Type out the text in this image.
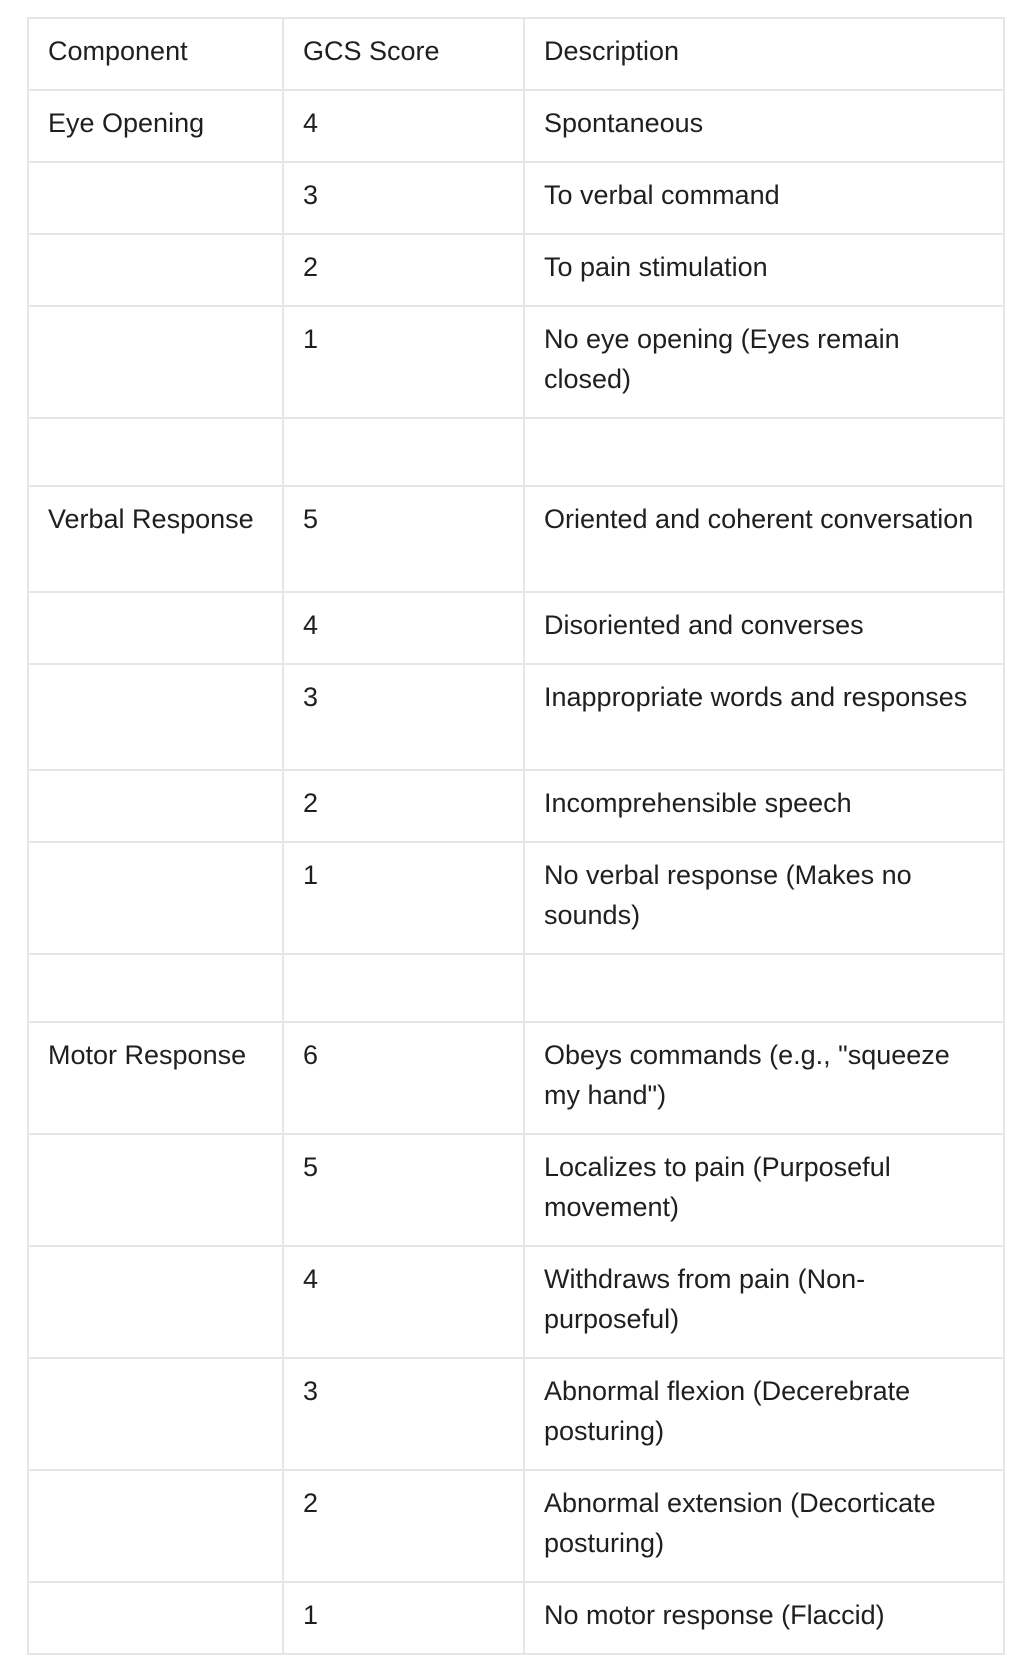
Component	GCS Score	Description
Eye Opening	4	Spontaneous
	3	To verbal command
	2	To pain stimulation
	1	No eye opening (Eyes remain closed)

Verbal Response	5	Oriented and coherent conversation
	4	Disoriented and converses
	3	Inappropriate words and responses
	2	Incomprehensible speech
	1	No verbal response (Makes no sounds)

Motor Response	6	Obeys commands (e.g., "squeeze my hand")
	5	Localizes to pain (Purposeful movement)
	4	Withdraws from pain (Non-purposeful)
	3	Abnormal flexion (Decerebrate posturing)
	2	Abnormal extension (Decorticate posturing)
	1	No motor response (Flaccid)
